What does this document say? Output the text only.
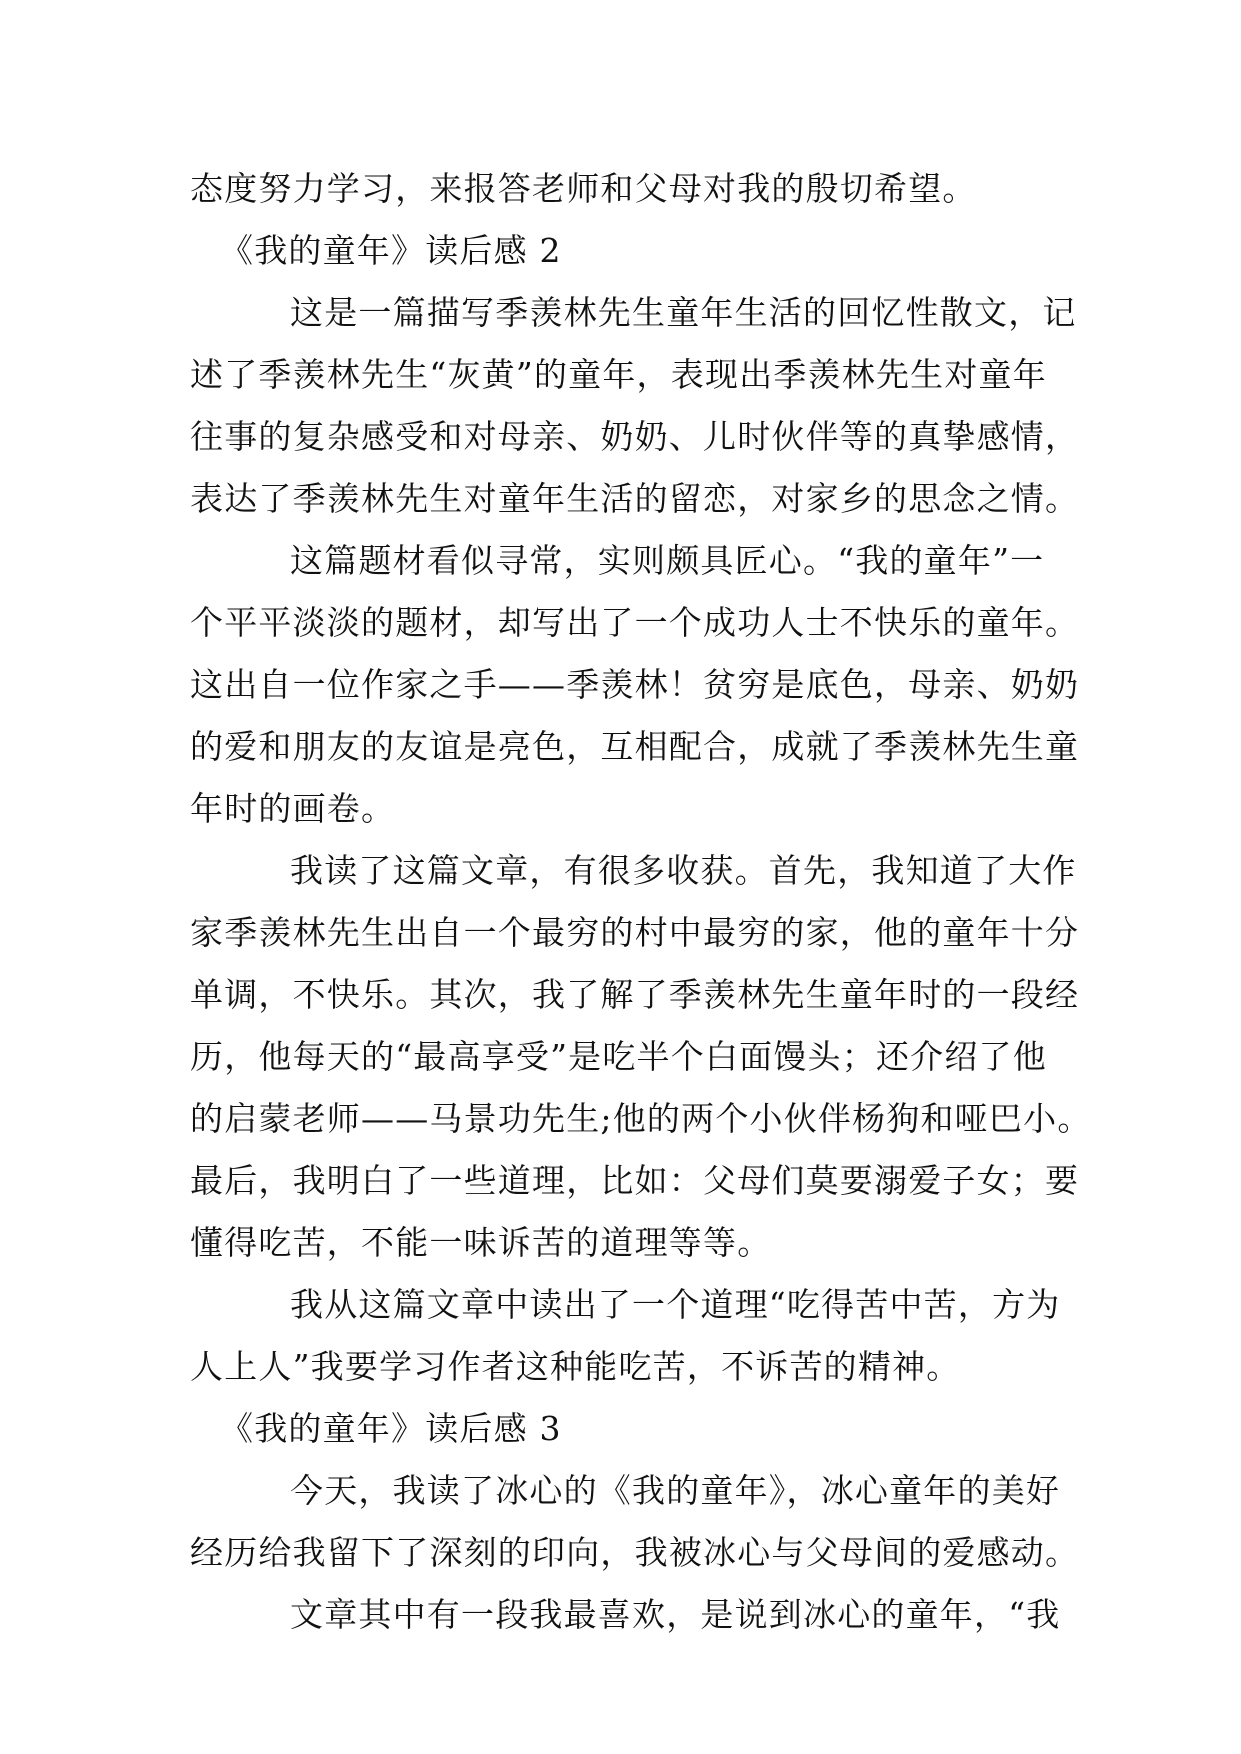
态度努力学习，来报答老师和父母对我的殷切希望。
《我的童年》读后感 2
这是一篇描写季羡林先生童年生活的回忆性散文，记
述了季羡林先生“灰黄”的童年，表现出季羡林先生对童年
往事的复杂感受和对母亲、奶奶、儿时伙伴等的真挚感情，
表达了季羡林先生对童年生活的留恋，对家乡的思念之情。
这篇题材看似寻常，实则颇具匠心。“我的童年”一
个平平淡淡的题材，却写出了一个成功人士不快乐的童年。
这出自一位作家之手——季羡林！贫穷是底色，母亲、奶奶
的爱和朋友的友谊是亮色，互相配合，成就了季羡林先生童
年时的画卷。
我读了这篇文章，有很多收获。首先，我知道了大作
家季羡林先生出自一个最穷的村中最穷的家，他的童年十分
单调，不快乐。其次，我了解了季羡林先生童年时的一段经
历，他每天的“最高享受”是吃半个白面馒头；还介绍了他
的启蒙老师——马景功先生;他的两个小伙伴杨狗和哑巴小。
最后，我明白了一些道理，比如：父母们莫要溺爱子女；要
懂得吃苦，不能一味诉苦的道理等等。
我从这篇文章中读出了一个道理“吃得苦中苦，方为
人上人”我要学习作者这种能吃苦，不诉苦的精神。
《我的童年》读后感 3
今天，我读了冰心的《我的童年》，冰心童年的美好
经历给我留下了深刻的印向，我被冰心与父母间的爱感动。
文章其中有一段我最喜欢，是说到冰心的童年，“我
